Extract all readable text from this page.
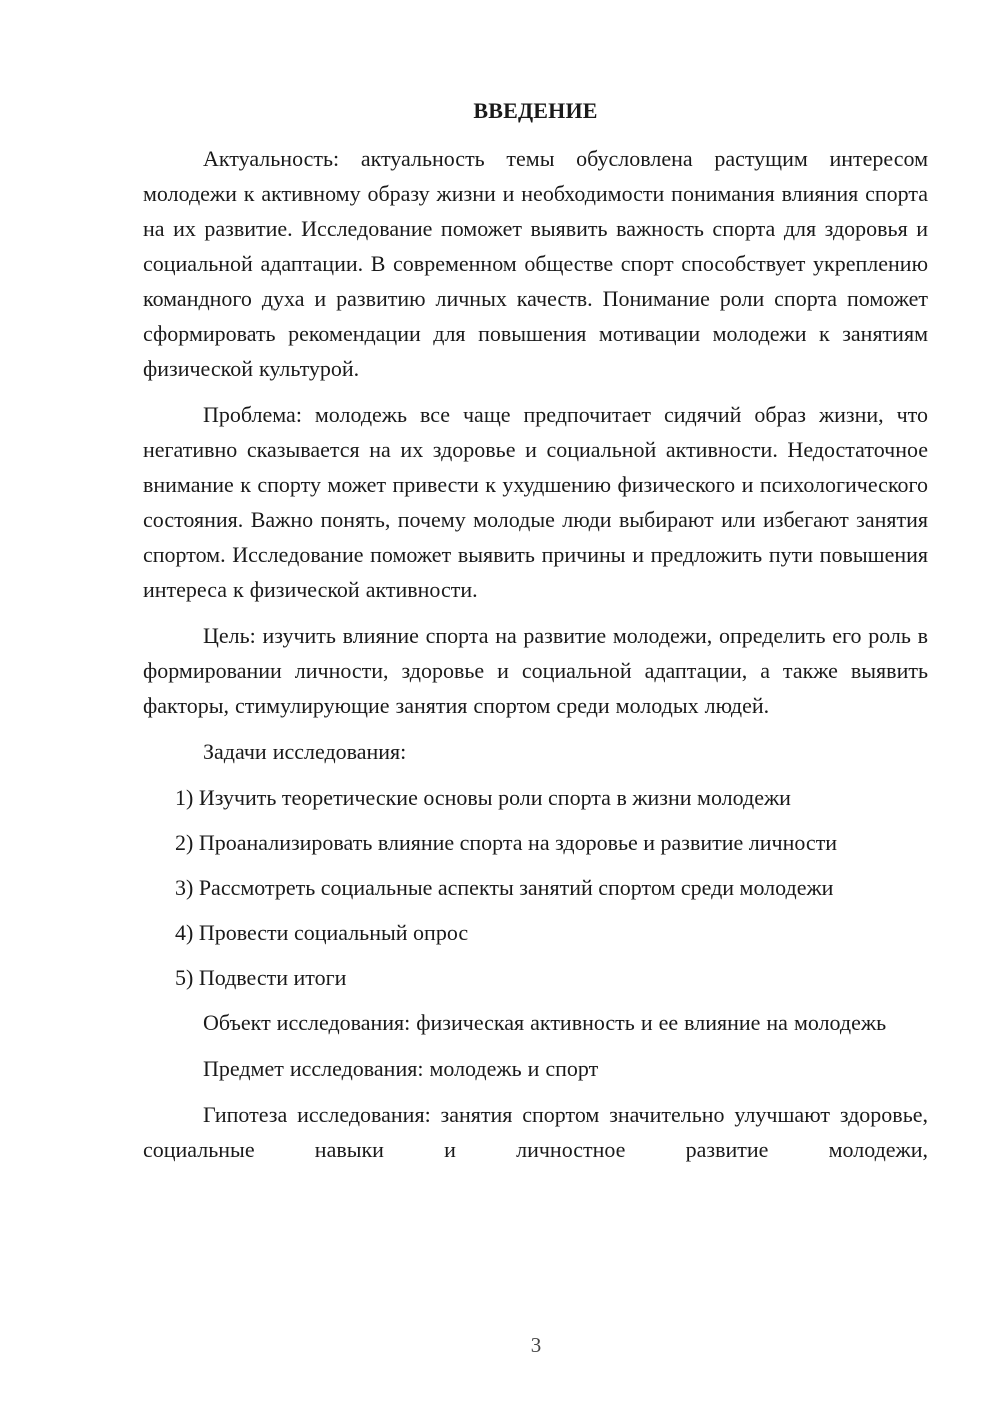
ВВЕДЕНИЕ

Актуальность: актуальность темы обусловлена растущим интересом молодежи к активному образу жизни и необходимости понимания влияния спорта на их развитие. Исследование поможет выявить важность спорта для здоровья и социальной адаптации. В современном обществе спорт способствует укреплению командного духа и развитию личных качеств. Понимание роли спорта поможет сформировать рекомендации для повышения мотивации молодежи к занятиям физической культурой.

Проблема: молодежь все чаще предпочитает сидячий образ жизни, что негативно сказывается на их здоровье и социальной активности. Недостаточное внимание к спорту может привести к ухудшению физического и психологического состояния. Важно понять, почему молодые люди выбирают или избегают занятия спортом. Исследование поможет выявить причины и предложить пути повышения интереса к физической активности.

Цель: изучить влияние спорта на развитие молодежи, определить его роль в формировании личности, здоровье и социальной адаптации, а также выявить факторы, стимулирующие занятия спортом среди молодых людей.

Задачи исследования:

1) Изучить теоретические основы роли спорта в жизни молодежи
2) Проанализировать влияние спорта на здоровье и развитие личности
3) Рассмотреть социальные аспекты занятий спортом среди молодежи
4) Провести социальный опрос
5) Подвести итоги

Объект исследования: физическая активность и ее влияние на молодежь

Предмет исследования: молодежь и спорт

Гипотеза исследования: занятия спортом значительно улучшают здоровье, социальные навыки и личностное развитие молодежи,

3
